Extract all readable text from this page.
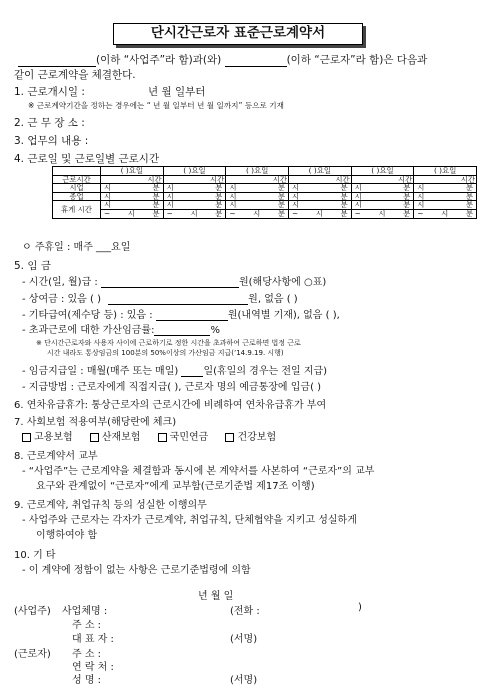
단시간근로자 표준근로계약서
(이하 “사업주”라 함)과(와)	(이하 “근로자”라 함)은 다음과
같이 근로계약을 체결한다.
1. 근로개시일 :	년 월 일부터
※ 근로계약기간을 정하는 경우에는 “ 년 월 일부터 년 월 일까지” 등으로 기재
2. 근 무 장 소 :
3. 업무의 내용 :
4. 근로일 및 근로일별 근로시간
	( )요일	( )요일	( )요일	( )요일	( )요일	( )요일
근로시간	시간	시간	시간	시간	시간	시간
시업	시 분	시 분	시 분	시 분	시 분	시 분
종업	시 분	시 분	시 분	시 분	시 분	시 분
휴게 시간	시 분	시 분	시 분	시 분	시 분	시 분
	~ 시 분	~ 시 분	~ 시 분	~ 시 분	~ 시 분	~ 시 분
ㅇ 주휴일 : 매주 ___요일
5. 임 금
- 시간(일, 월)급 :	원(해당사항에 ○표)
- 상여금 : 있음 ( )	원, 없음 ( )
- 기타급여(제수당 등) : 있음 :	원(내역별 기재), 없음 ( ),
- 초과근로에 대한 가산임금률:	%
※ 단시간근로자와 사용자 사이에 근로하기로 정한 시간을 초과하여 근로하면 법정 근로
시간 내라도 통상임금의 100분의 50%이상의 가산임금 지급(’14.9.19. 시행)
- 임금지급일 : 매월(매주 또는 매일)	일(휴일의 경우는 전일 지급)
- 지급방법 : 근로자에게 직접지급( ), 근로자 명의 예금통장에 입금( )
6. 연차유급휴가: 통상근로자의 근로시간에 비례하여 연차유급휴가 부여
7. 사회보험 적용여부(해당란에 체크)
고용보험	산재보험	국민연금	건강보험
8. 근로계약서 교부
- “사업주”는 근로계약을 체결함과 동시에 본 계약서를 사본하여 “근로자”의 교부
요구와 관계없이 “근로자”에게 교부함(근로기준법 제17조 이행)
9. 근로계약, 취업규칙 등의 성실한 이행의무
- 사업주와 근로자는 각자가 근로계약, 취업규칙, 단체협약을 지키고 성실하게
이행하여야 함
10. 기 타
- 이 계약에 정함이 없는 사항은 근로기준법령에 의함
년 월 일
(사업주) 사업체명 :	(전화 :	)
주 소 :
대 표 자 :	(서명)
(근로자) 주 소 :
연 락 처 :
성 명 :	(서명)
